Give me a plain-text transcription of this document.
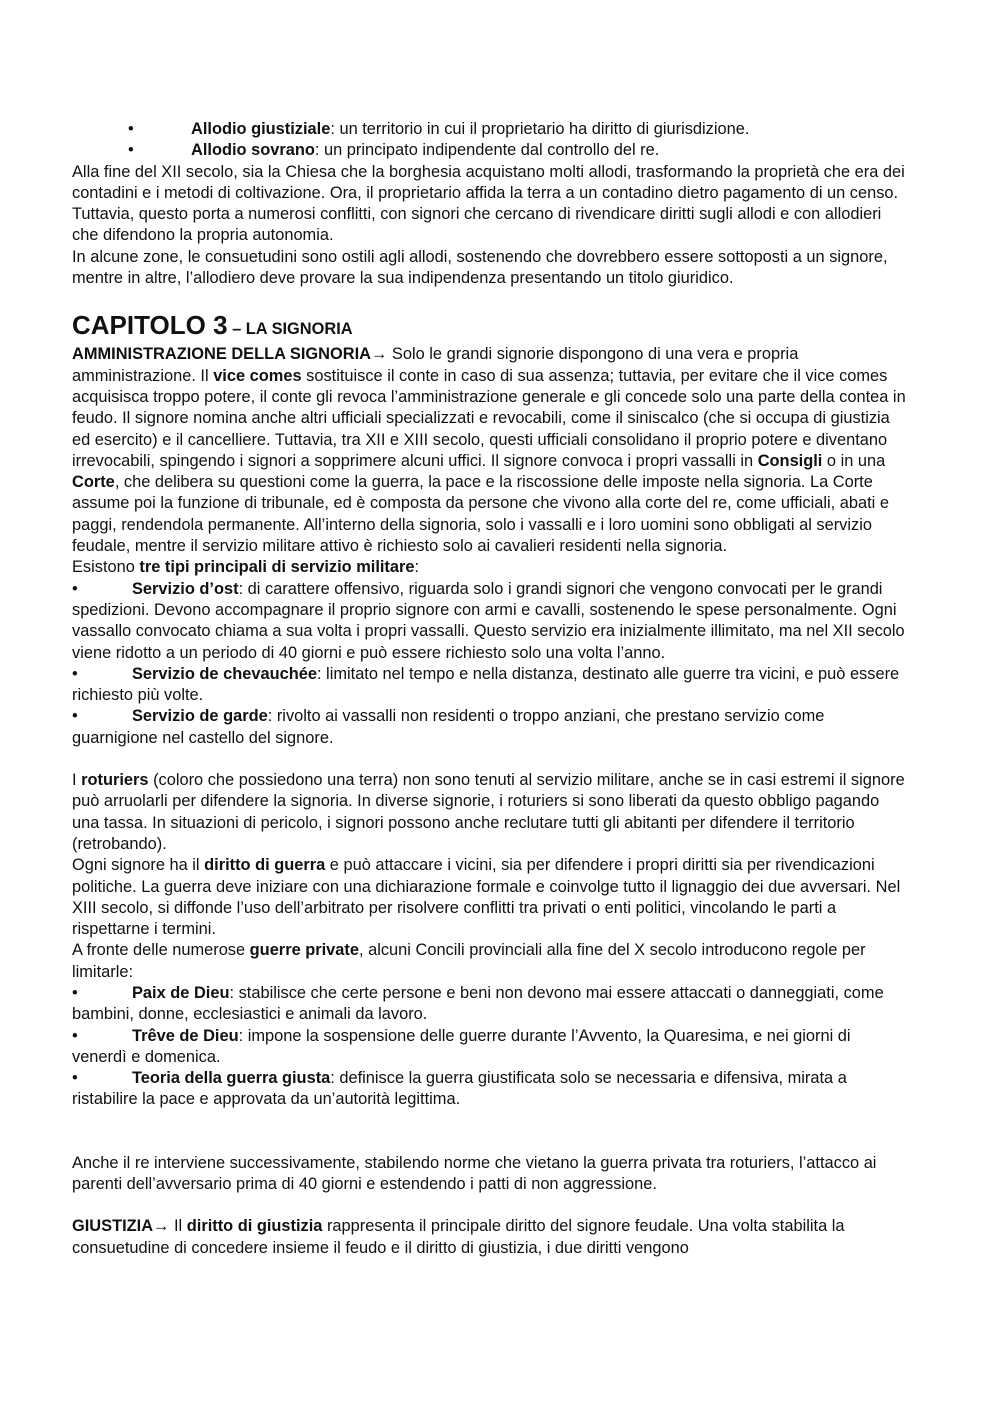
•	Allodio giustiziale: un territorio in cui il proprietario ha diritto di giurisdizione.
•	Allodio sovrano: un principato indipendente dal controllo del re.

Alla fine del XII secolo, sia la Chiesa che la borghesia acquistano molti allodi, trasformando la proprietà che era dei contadini e i metodi di coltivazione. Ora, il proprietario affida la terra a un contadino dietro pagamento di un censo. Tuttavia, questo porta a numerosi conflitti, con signori che cercano di rivendicare diritti sugli allodi e con allodieri che difendono la propria autonomia.

In alcune zone, le consuetudini sono ostili agli allodi, sostenendo che dovrebbero essere sottoposti a un signore, mentre in altre, l’allodiero deve provare la sua indipendenza presentando un titolo giuridico.

CAPITOLO 3 – LA SIGNORIA

AMMINISTRAZIONE DELLA SIGNORIA→ Solo le grandi signorie dispongono di una vera e propria amministrazione. Il vice comes sostituisce il conte in caso di sua assenza; tuttavia, per evitare che il vice comes acquisisca troppo potere, il conte gli revoca l’amministrazione generale e gli concede solo una parte della contea in feudo. Il signore nomina anche altri ufficiali specializzati e revocabili, come il siniscalco (che si occupa di giustizia ed esercito) e il cancelliere. Tuttavia, tra XII e XIII secolo, questi ufficiali consolidano il proprio potere e diventano irrevocabili, spingendo i signori a sopprimere alcuni uffici. Il signore convoca i propri vassalli in Consigli o in una Corte, che delibera su questioni come la guerra, la pace e la riscossione delle imposte nella signoria. La Corte assume poi la funzione di tribunale, ed è composta da persone che vivono alla corte del re, come ufficiali, abati e paggi, rendendola permanente. All’interno della signoria, solo i vassalli e i loro uomini sono obbligati al servizio feudale, mentre il servizio militare attivo è richiesto solo ai cavalieri residenti nella signoria.

Esistono tre tipi principali di servizio militare:

•	Servizio d’ost: di carattere offensivo, riguarda solo i grandi signori che vengono convocati per le grandi spedizioni. Devono accompagnare il proprio signore con armi e cavalli, sostenendo le spese personalmente. Ogni vassallo convocato chiama a sua volta i propri vassalli. Questo servizio era inizialmente illimitato, ma nel XII secolo viene ridotto a un periodo di 40 giorni e può essere richiesto solo una volta l’anno.

•	Servizio de chevauchée: limitato nel tempo e nella distanza, destinato alle guerre tra vicini, e può essere richiesto più volte.

•	Servizio de garde: rivolto ai vassalli non residenti o troppo anziani, che prestano servizio come guarnigione nel castello del signore.

I roturiers (coloro che possiedono una terra) non sono tenuti al servizio militare, anche se in casi estremi il signore può arruolarli per difendere la signoria. In diverse signorie, i roturiers si sono liberati da questo obbligo pagando una tassa. In situazioni di pericolo, i signori possono anche reclutare tutti gli abitanti per difendere il territorio (retrobando).

Ogni signore ha il diritto di guerra e può attaccare i vicini, sia per difendere i propri diritti sia per rivendicazioni politiche. La guerra deve iniziare con una dichiarazione formale e coinvolge tutto il lignaggio dei due avversari. Nel XIII secolo, si diffonde l’uso dell’arbitrato per risolvere conflitti tra privati o enti politici, vincolando le parti a rispettarne i termini.

A fronte delle numerose guerre private, alcuni Concili provinciali alla fine del X secolo introducono regole per limitarle:

•	Paix de Dieu: stabilisce che certe persone e beni non devono mai essere attaccati o danneggiati, come bambini, donne, ecclesiastici e animali da lavoro.

•	Trêve de Dieu: impone la sospensione delle guerre durante l’Avvento, la Quaresima, e nei giorni di venerdì e domenica.

•	Teoria della guerra giusta: definisce la guerra giustificata solo se necessaria e difensiva, mirata a ristabilire la pace e approvata da un’autorità legittima.

Anche il re interviene successivamente, stabilendo norme che vietano la guerra privata tra roturiers, l’attacco ai parenti dell’avversario prima di 40 giorni e estendendo i patti di non aggressione.

GIUSTIZIA→ Il diritto di giustizia rappresenta il principale diritto del signore feudale. Una volta stabilita la consuetudine di concedere insieme il feudo e il diritto di giustizia, i due diritti vengono
